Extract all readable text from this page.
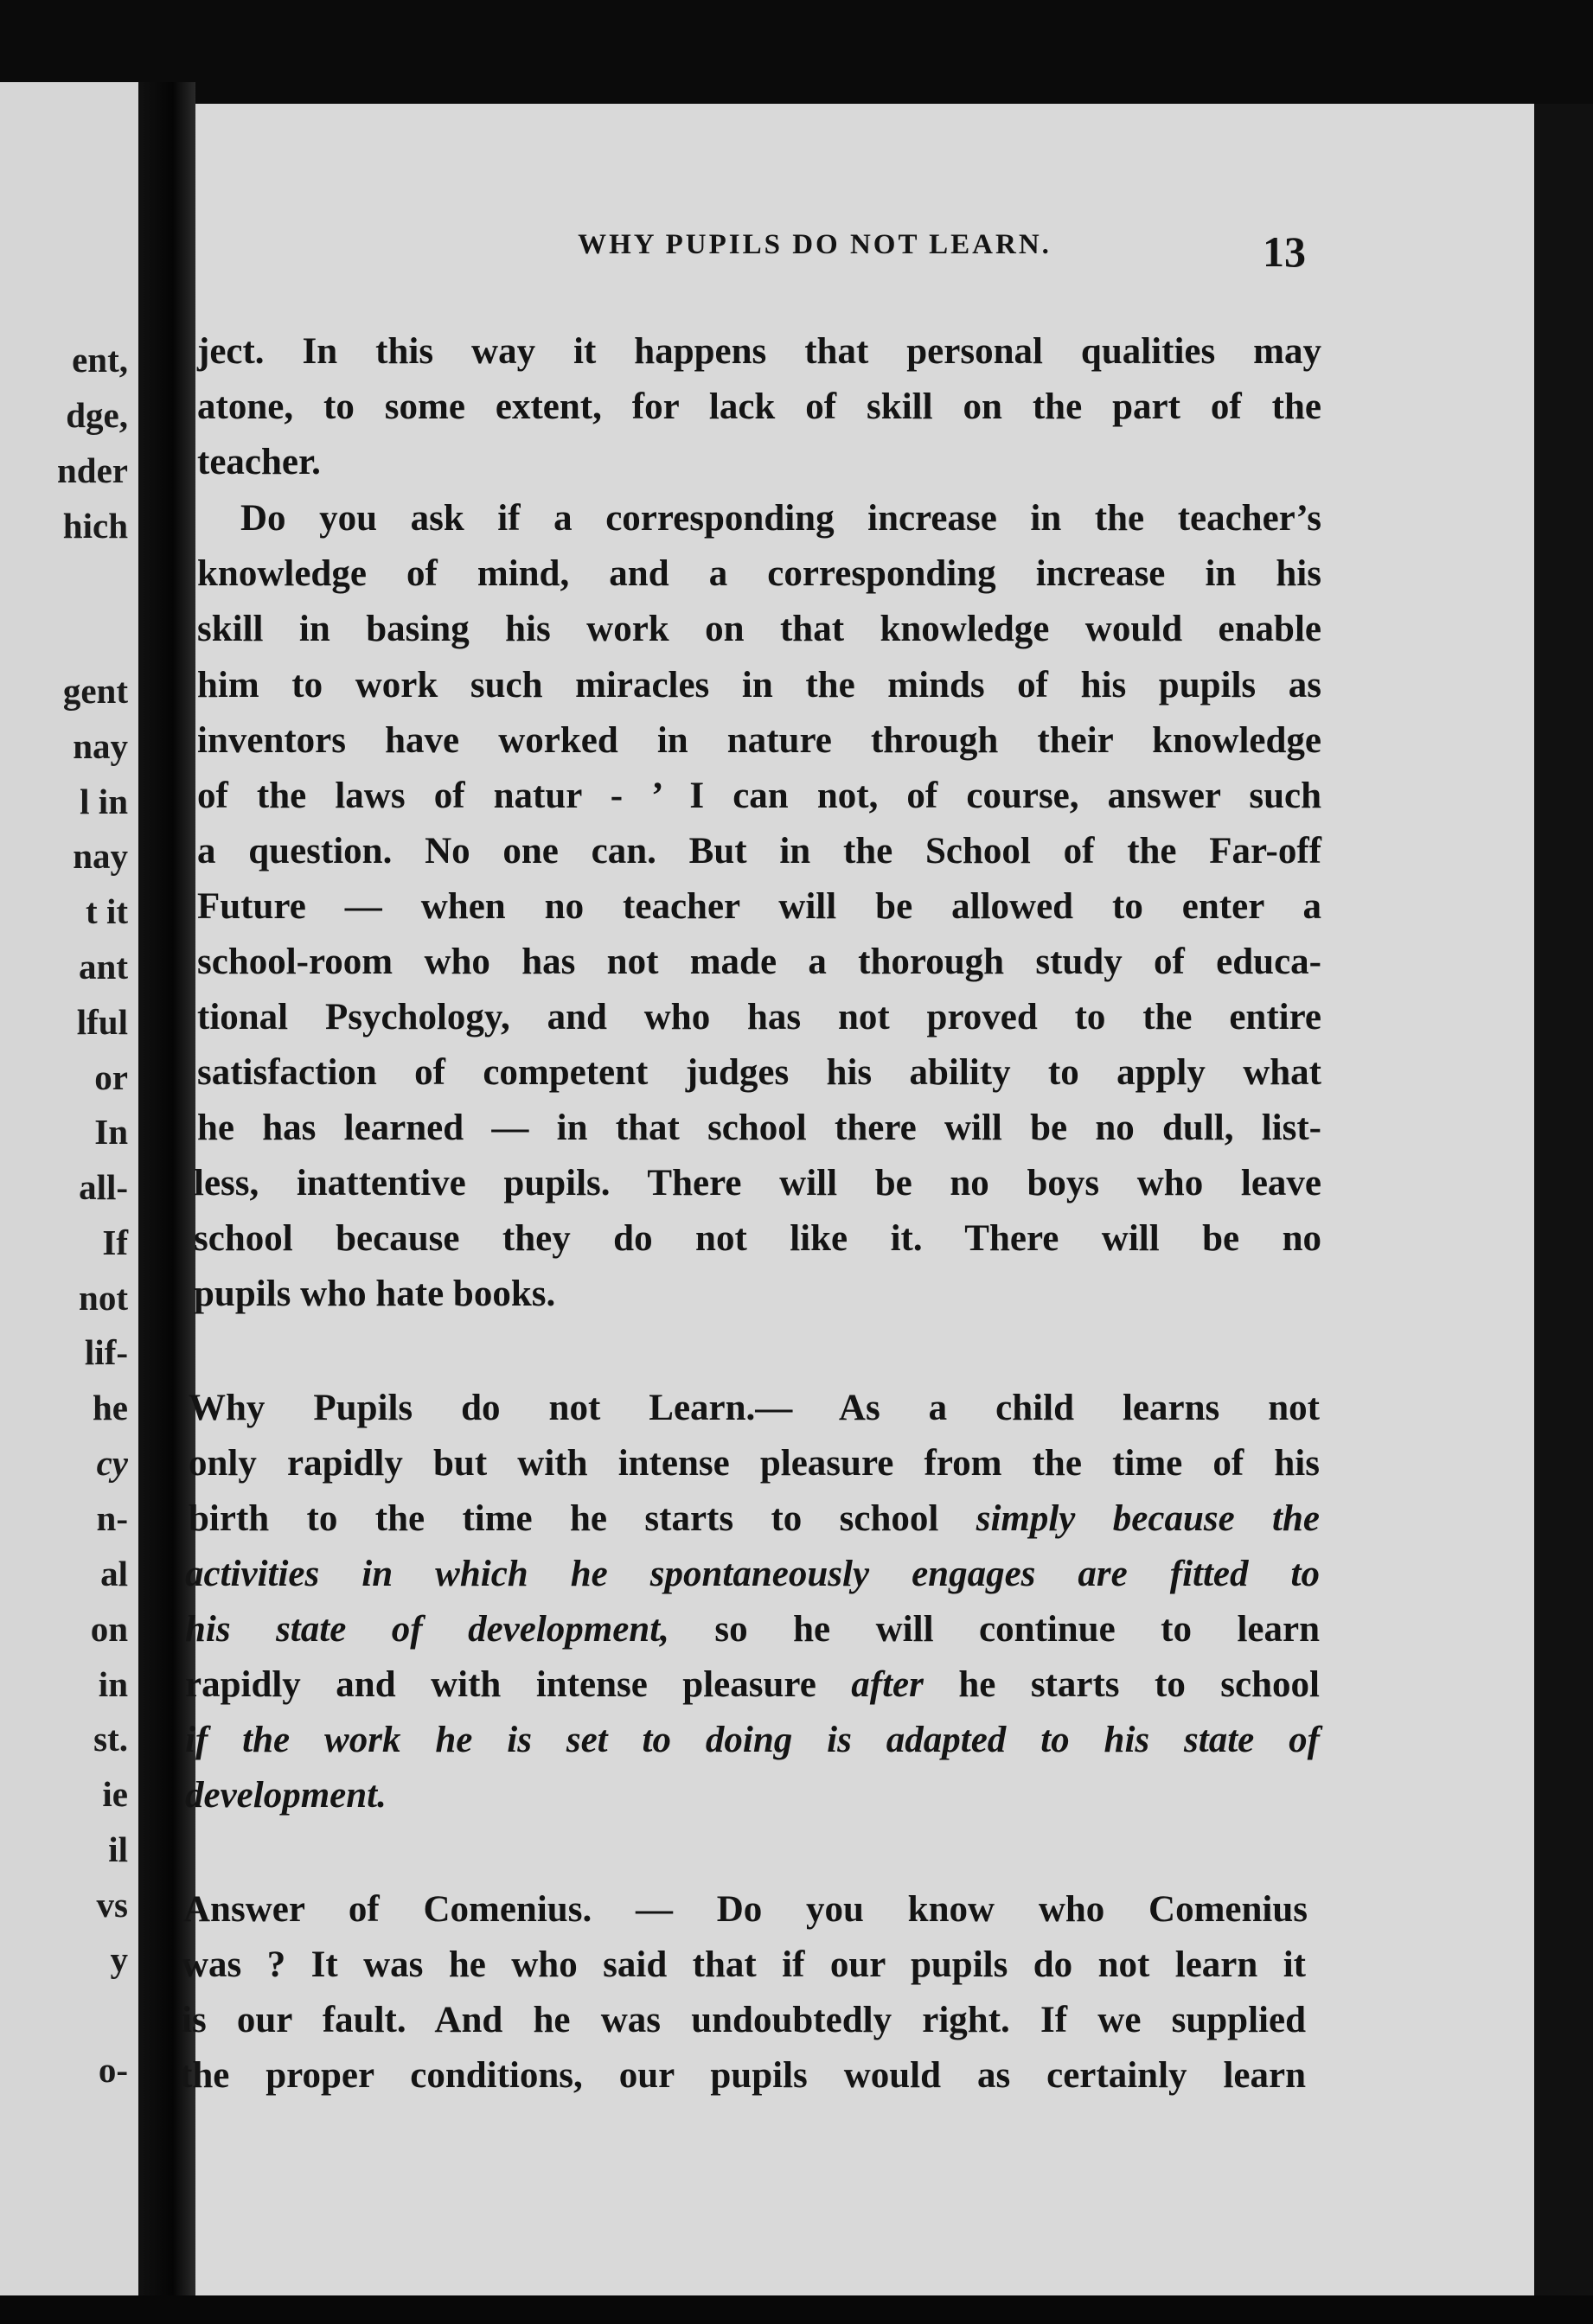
ent,
dge,
nder
hich
gent
nay
l in
nay
t it
ant
lful
or
In
all-
If
not
lif-
he
cy
n-
al
on
in
st.
ie
il
vs
y
o-
WHY PUPILS DO NOT LEARN.	13
ject. In this way it happens that personal qualities may
atone, to some extent, for lack of skill on the part of the
teacher.
Do you ask if a corresponding increase in the teacher’s
knowledge of mind, and a corresponding increase in his
skill in basing his work on that knowledge would enable
him to work such miracles in the minds of his pupils as
inventors have worked in nature through their knowledge
of the laws of natur - ’ I can not, of course, answer such
a question. No one can. But in the School of the Far-off
Future — when no teacher will be allowed to enter a
school-room who has not made a thorough study of educa-
tional Psychology, and who has not proved to the entire
satisfaction of competent judges his ability to apply what
he has learned — in that school there will be no dull, list-
less, inattentive pupils. There will be no boys who leave
school because they do not like it. There will be no
pupils who hate books.
Why Pupils do not Learn.— As a child learns not
only rapidly but with intense pleasure from the time of his
birth to the time he starts to school simply because the
activities in which he spontaneously engages are fitted to
his state of development, so he will continue to learn
rapidly and with intense pleasure after he starts to school
if the work he is set to doing is adapted to his state of
development.
Answer of Comenius. — Do you know who Comenius
was ? It was he who said that if our pupils do not learn it
is our fault. And he was undoubtedly right. If we supplied
the proper conditions, our pupils would as certainly learn
